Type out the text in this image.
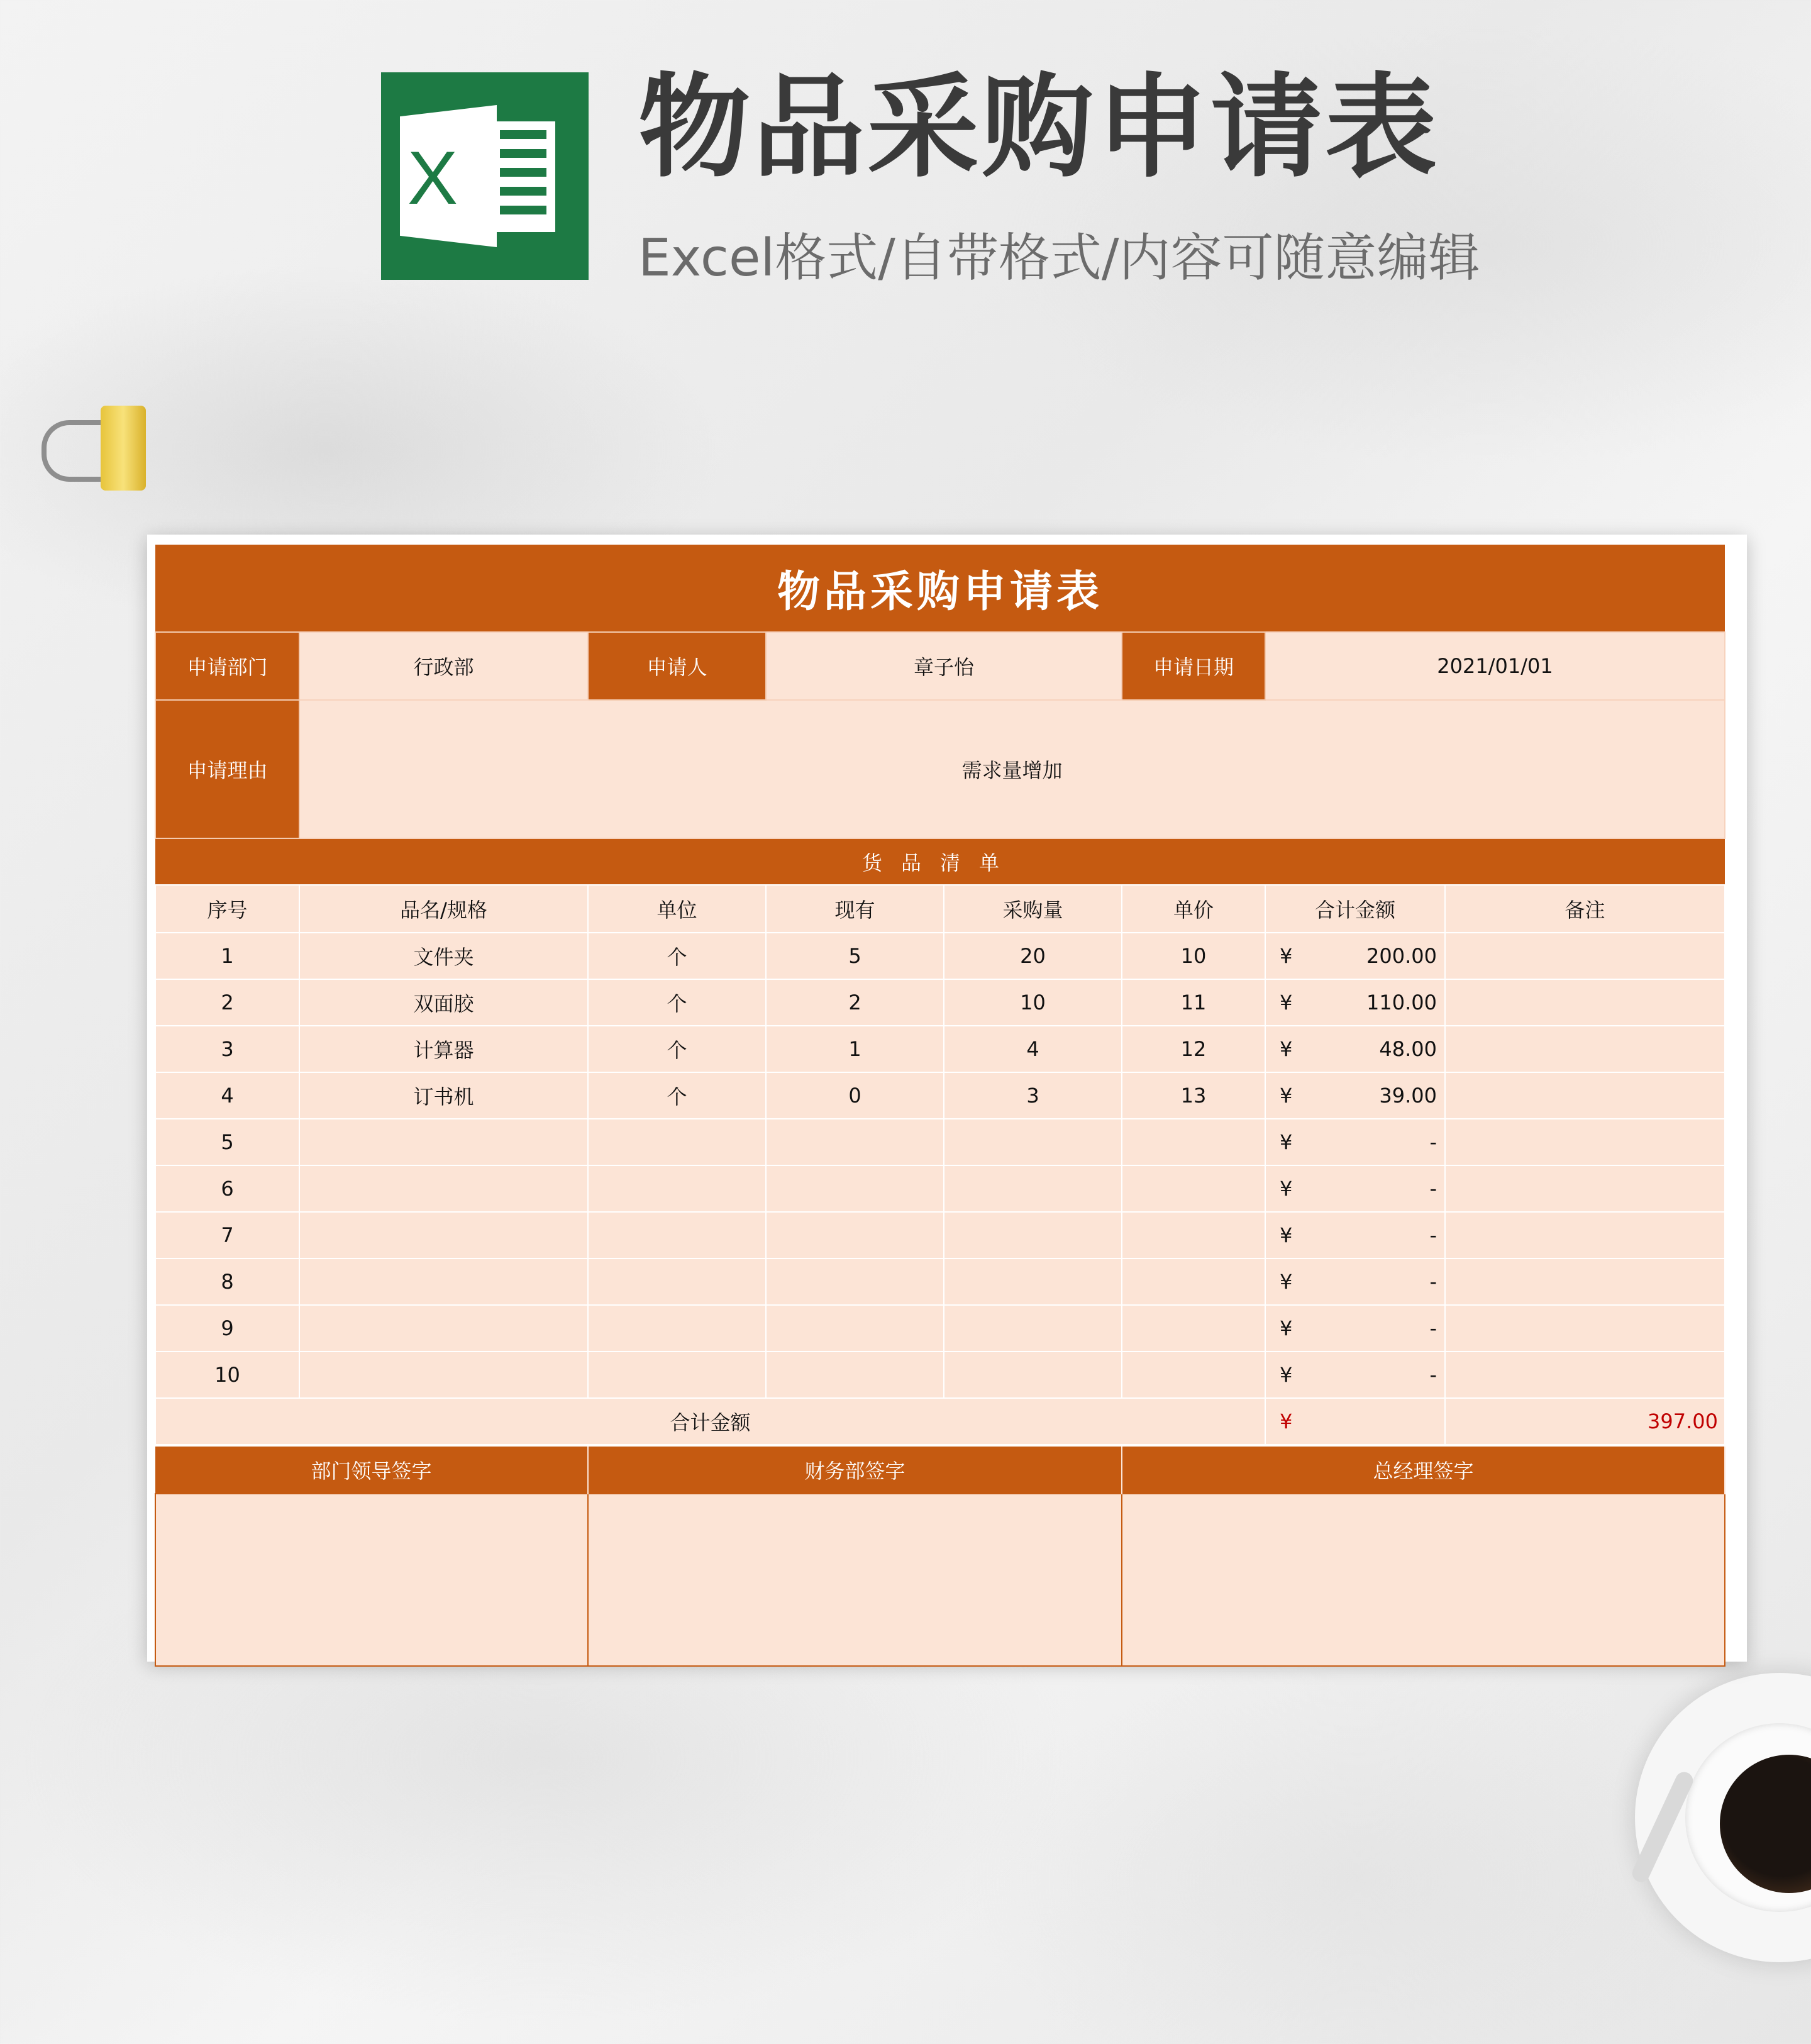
X 物品采购申请表
Excel格式/自带格式/内容可随意编辑
物品采购申请表							
申请部门	行政部	申请人	章子怡		申请日期	2021/01/01	
申请理由	需求量增加						
货品清单							
序号	品名/规格	单位	现有	采购量	单价	合计金额	备注
1	文件夹	个	5	20	10	¥ 200.00	

2	双面胶	个	2	10	11	¥ 110.00	

3	计算器	个	1	4	12	¥ 48.00	

4	订书机	个	0	3	13	¥ 39.00	

5						¥ -	

6						¥ -	

7						¥ -	

8						¥ -	

9						¥ -	

10						¥ -	

合计金额						¥	397.00
部门领导签字	财务部签字	总经理签字
